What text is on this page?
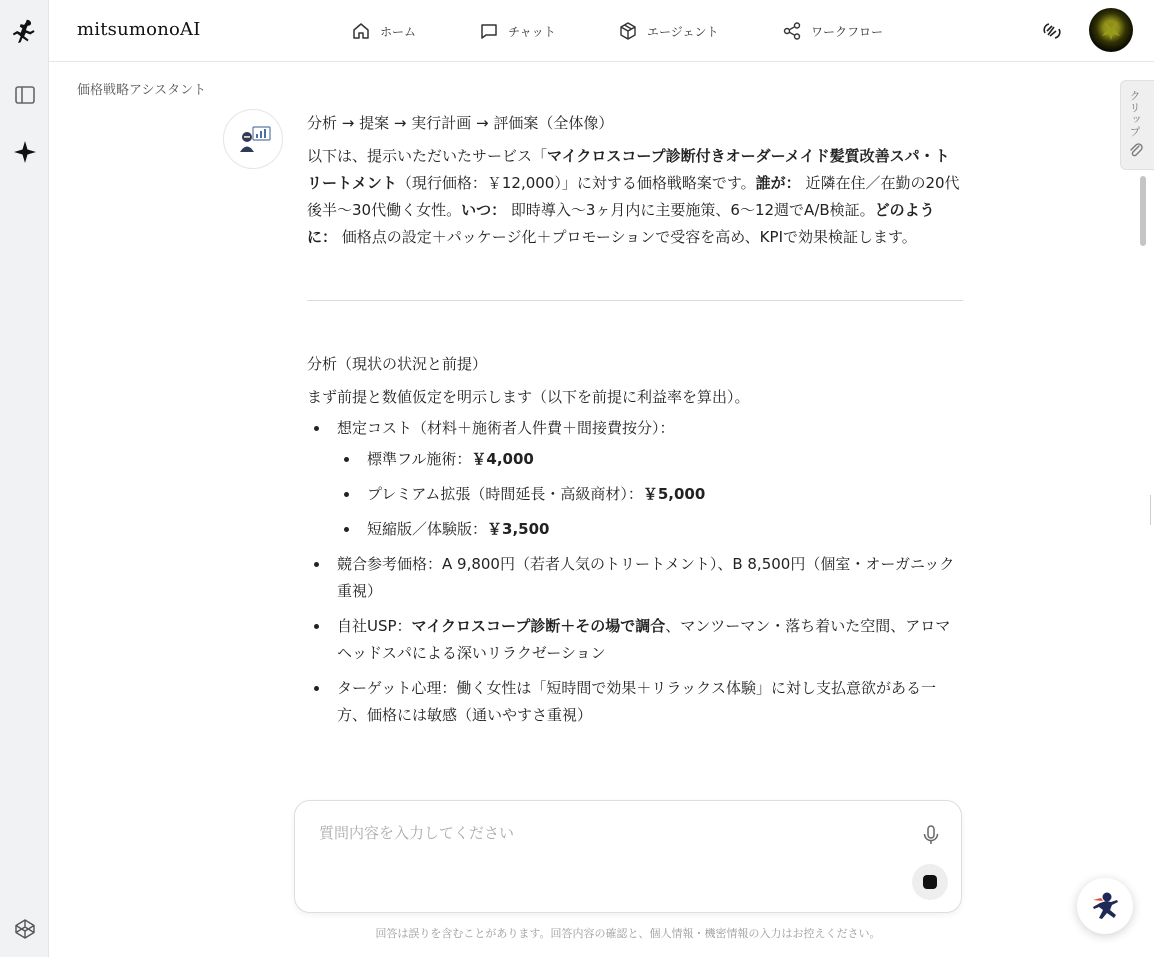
mitsumonoAI	ホーム	チャット	エージェント	ワークフロー
価格戦略アシスタント
分析 → 提案 → 実行計画 → 評価案（全体像）

以下は、提示いただいたサービス「マイクロスコープ診断付きオーダーメイド髪質改善スパ・トリートメント（現行価格：￥12,000）」に対する価格戦略案です。誰が： 近隣在住／在勤の20代後半〜30代働く女性。いつ： 即時導入〜3ヶ月内に主要施策、6〜12週でA/B検証。どのように： 価格点の設定＋パッケージ化＋プロモーションで受容を高め、KPIで効果検証します。

分析（現状の状況と前提）

まず前提と数値仮定を明示します（以下を前提に利益率を算出）。

想定コスト（材料＋施術者人件費＋間接費按分）：
標準フル施術：￥4,000
プレミアム拡張（時間延長・高級商材）：￥5,000
短縮版／体験版：￥3,500
競合参考価格：A 9,800円（若者人気のトリートメント）、B 8,500円（個室・オーガニック重視）
自社USP：マイクロスコープ診断＋その場で調合、マンツーマン・落ち着いた空間、アロマヘッドスパによる深いリラクゼーション
ターゲット心理：働く女性は「短時間で効果＋リラックス体験」に対し支払意欲がある一方、価格には敏感（通いやすさ重視）
クリップ
質問内容を入力してください
回答は誤りを含むことがあります。回答内容の確認と、個人情報・機密情報の入力はお控えください。
